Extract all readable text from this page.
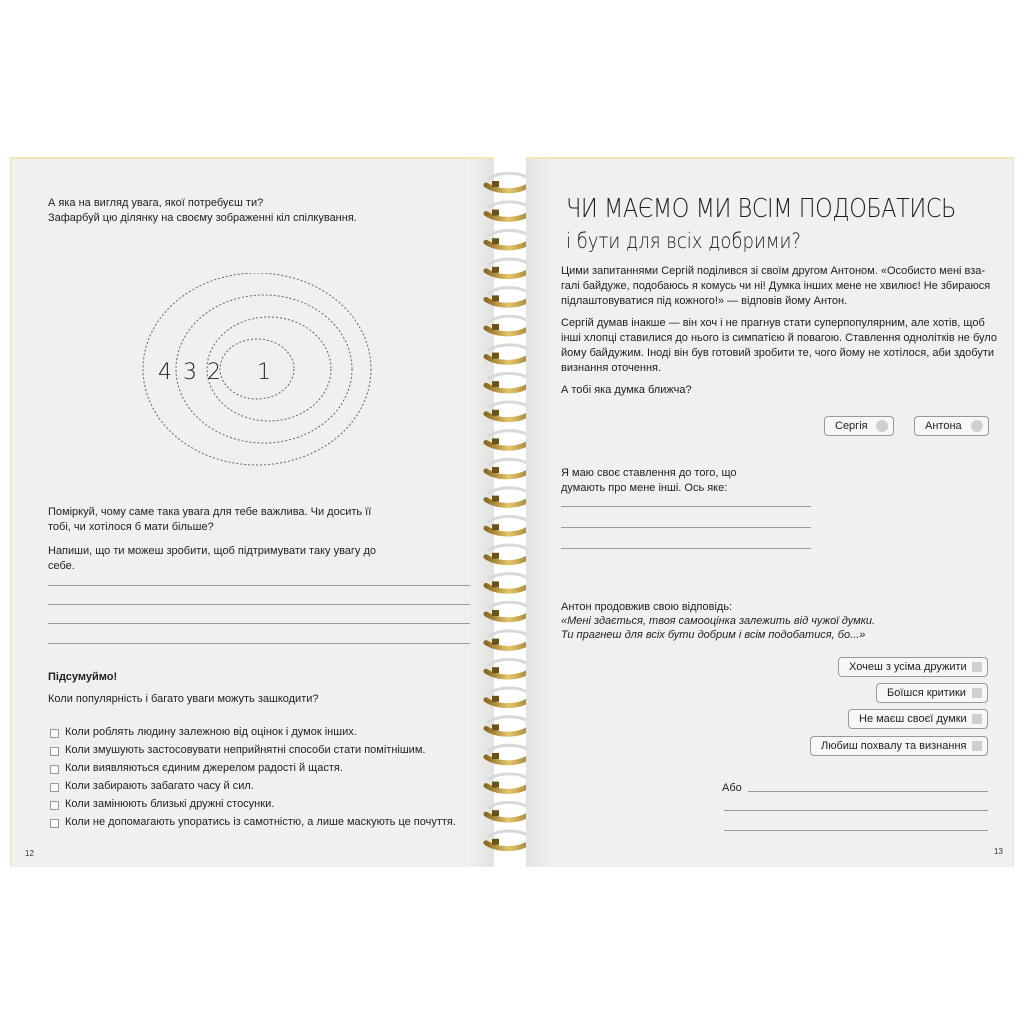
А яка на вигляд увага, якої потребуєш ти?
Зафарбуй цю ділянку на своєму зображенні кіл спілкування.
4 3 2 1
Поміркуй, чому саме така увага для тебе важлива. Чи досить її
тобі, чи хотілося б мати більше?
Напиши, що ти можеш зробити, щоб підтримувати таку увагу до
себе.
Підсумуймо!
Коли популярність і багато уваги можуть зашкодити?
Коли роблять людину залежною від оцінок і думок інших.
Коли змушують застосовувати неприйнятні способи стати помітнішим.
Коли виявляються єдиним джерелом радості й щастя.
Коли забирають забагато часу й сил.
Коли замінюють близькі дружні стосунки.
Коли не допомагають упоратись із самотністю, а лише маскують це почуття.
12
ЧИ МАЄМО МИ ВСІМ ПОДОБАТИСЬ
і бути для всіх добрими?
Цими запитаннями Сергій поділився зі своїм другом Антоном. «Особисто мені вза-
галі байдуже, подобаюсь я комусь чи ні! Думка інших мене не хвилює! Не збираюся
підлаштовуватися під кожного!» — відповів йому Антон.
Сергій думав інакше — він хоч і не прагнув стати суперпопулярним, але хотів, щоб
інші хлопці ставилися до нього із симпатією й повагою. Ставлення однолітків не було
йому байдужим. Іноді він був готовий зробити те, чого йому не хотілося, аби здобути
визнання оточення.
А тобі яка думка ближча?
Сергія	Антона
Я маю своє ставлення до того, що
думають про мене інші. Ось яке:
Антон продовжив свою відповідь:
«Мені здається, твоя самооцінка залежить від чужої думки.
Ти прагнеш для всіх бути добрим і всім подобатися, бо...»
Хочеш з усіма дружити
Боїшся критики
Не маєш своєї думки
Любиш похвалу та визнання
Або
13
